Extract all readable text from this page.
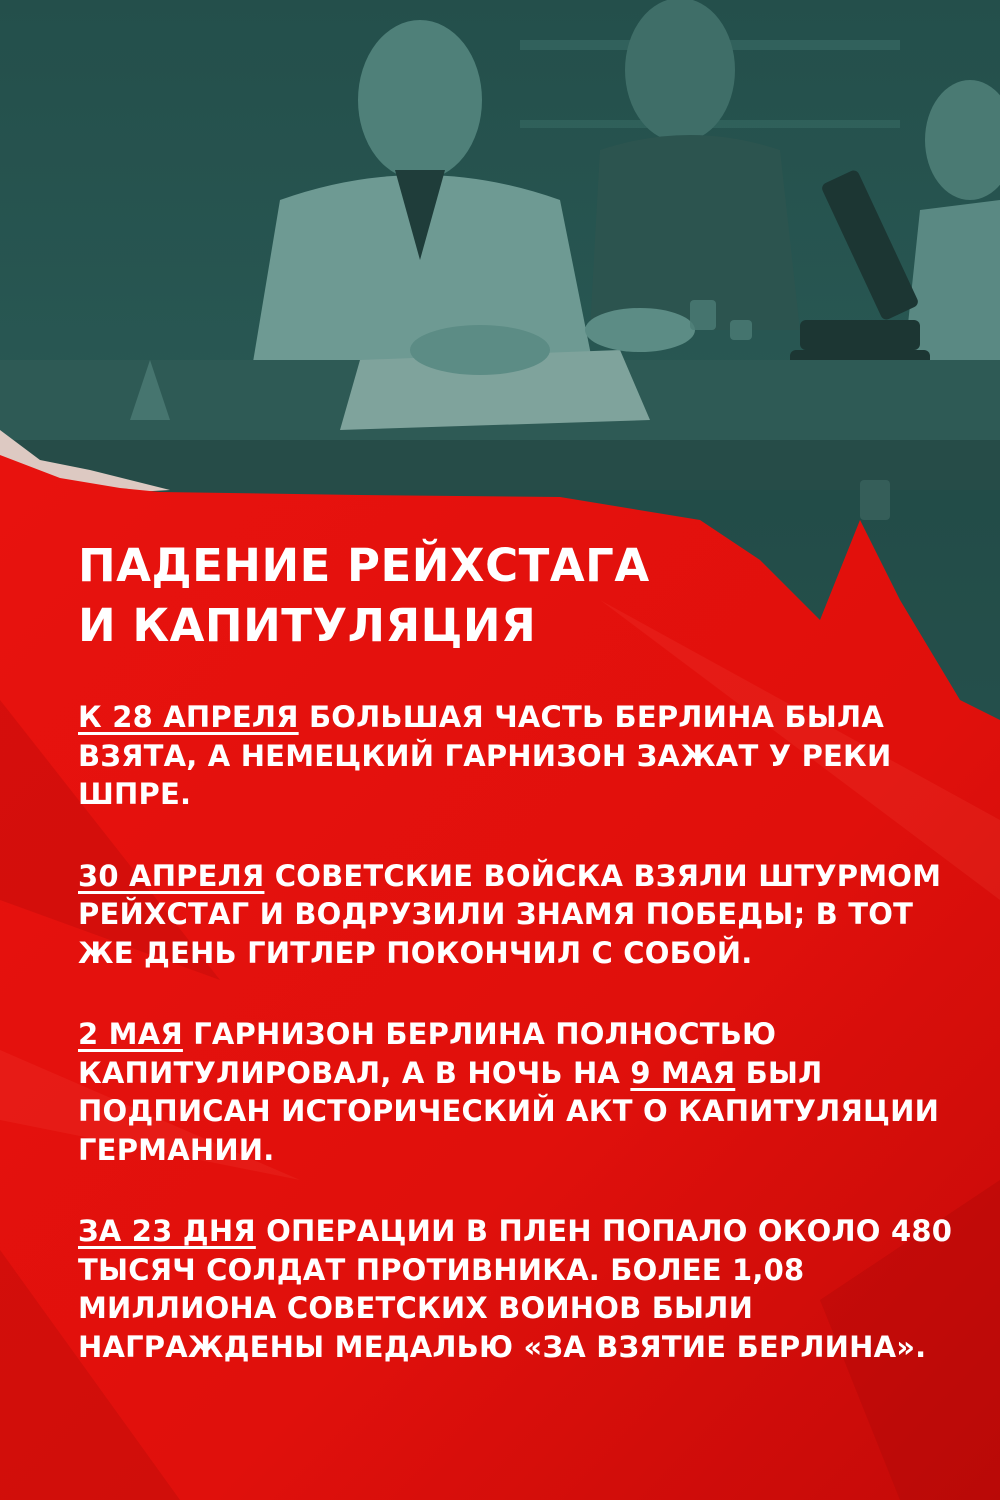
ПАДЕНИЕ РЕЙХСТАГА
И КАПИТУЛЯЦИЯ

К 28 АПРЕЛЯ БОЛЬШАЯ ЧАСТЬ БЕРЛИНА БЫЛА ВЗЯТА, А НЕМЕЦКИЙ ГАРНИЗОН ЗАЖАТ У РЕКИ ШПРЕ.

30 АПРЕЛЯ СОВЕТСКИЕ ВОЙСКА ВЗЯЛИ ШТУРМОМ РЕЙХСТАГ И ВОДРУЗИЛИ ЗНАМЯ ПОБЕДЫ; В ТОТ ЖЕ ДЕНЬ ГИТЛЕР ПОКОНЧИЛ С СОБОЙ.

2 МАЯ ГАРНИЗОН БЕРЛИНА ПОЛНОСТЬЮ КАПИТУЛИРОВАЛ, А В НОЧЬ НА 9 МАЯ БЫЛ ПОДПИСАН ИСТОРИЧЕСКИЙ АКТ О КАПИТУЛЯЦИИ ГЕРМАНИИ.

ЗА 23 ДНЯ ОПЕРАЦИИ В ПЛЕН ПОПАЛО ОКОЛО 480 ТЫСЯЧ СОЛДАТ ПРОТИВНИКА. БОЛЕЕ 1,08 МИЛЛИОНА СОВЕТСКИХ ВОИНОВ БЫЛИ НАГРАЖДЕНЫ МЕДАЛЬЮ «ЗА ВЗЯТИЕ БЕРЛИНА».
